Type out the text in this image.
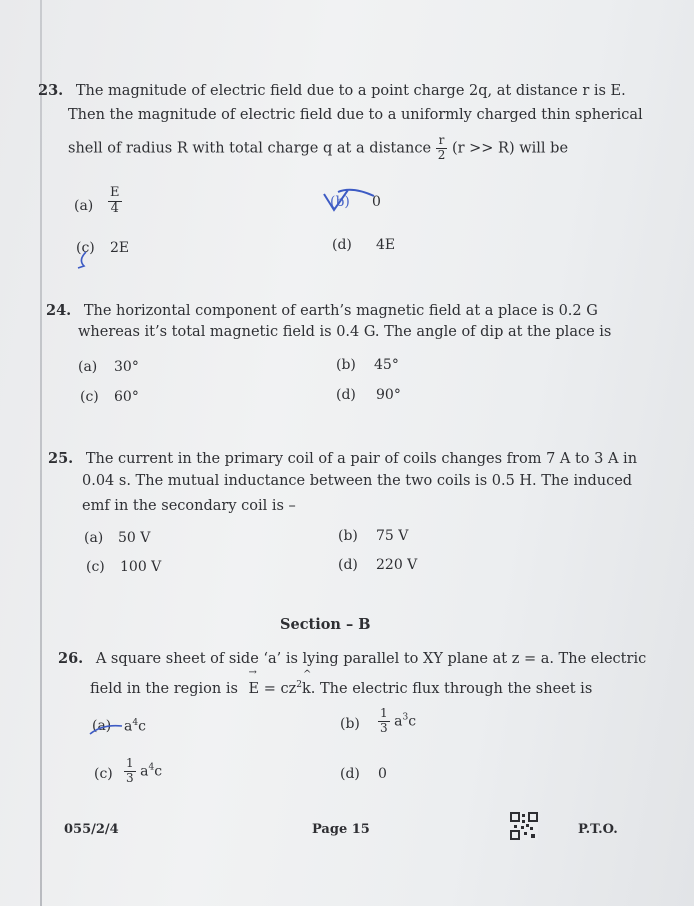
23. The magnitude of electric field due to a point charge 2q, at distance r is E.
Then the magnitude of electric field due to a uniformly charged thin spherical
shell of radius R with total charge q at a distance $\frac{r}{2} (r >> R)$ will be
$(a) \frac{E}{4}$	(b) 0
(c) 2E	(d) 4E
24. The horizontal component of earth’s magnetic field at a place is 0.2 G
whereas it’s total magnetic field is 0.4 G. The angle of dip at the place is
(a) 30°	(b) 45°
(c) 60°	(d) 90°
25. The current in the primary coil of a pair of coils changes from 7 A to 3 A in
0.04 s. The mutual inductance between the two coils is 0.5 H. The induced
emf in the secondary coil is –
(a) 50 V	(b) 75 V
(c) 100 V	(d) 220 V
Section – B
26. A square sheet of side ‘a’ is lying parallel to XY plane at z = a. The electric
field in the region is
→
$E = cz^2$
^
k. The electric flux through the sheet is
(a) $a^4c$	$(b) \frac{1}{3} a^3c$
$(c) \frac{1}{3} a^4c$	(d) 0
055/2/4	Page 15	P.T.O.
